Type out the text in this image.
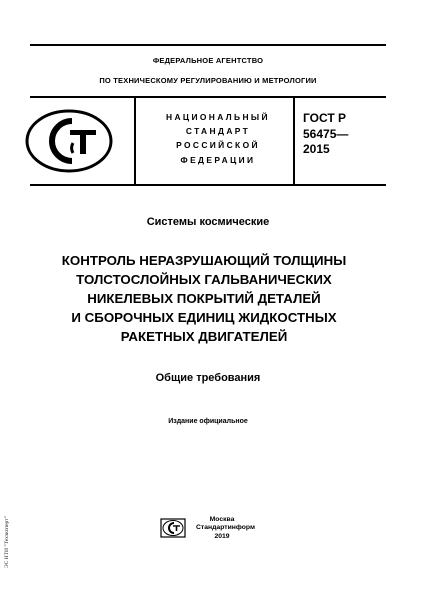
ФЕДЕРАЛЬНОЕ АГЕНТСТВО
ПО ТЕХНИЧЕСКОМУ РЕГУЛИРОВАНИЮ И МЕТРОЛОГИИ
НАЦИОНАЛЬНЫЙ
СТАНДАРТ
РОССИЙСКОЙ
ФЕДЕРАЦИИ
ГОСТ Р
56475—
2015
Системы космические
КОНТРОЛЬ НЕРАЗРУШАЮЩИЙ ТОЛЩИНЫ
ТОЛСТОСЛОЙНЫХ ГАЛЬВАНИЧЕСКИХ
НИКЕЛЕВЫХ ПОКРЫТИЙ ДЕТАЛЕЙ
И СБОРОЧНЫХ ЕДИНИЦ ЖИДКОСТНЫХ
РАКЕТНЫХ ДВИГАТЕЛЕЙ
Общие требования
Издание официальное
Москва
Стандартинформ
2019
ЭС НТИ "Техэксперт"
